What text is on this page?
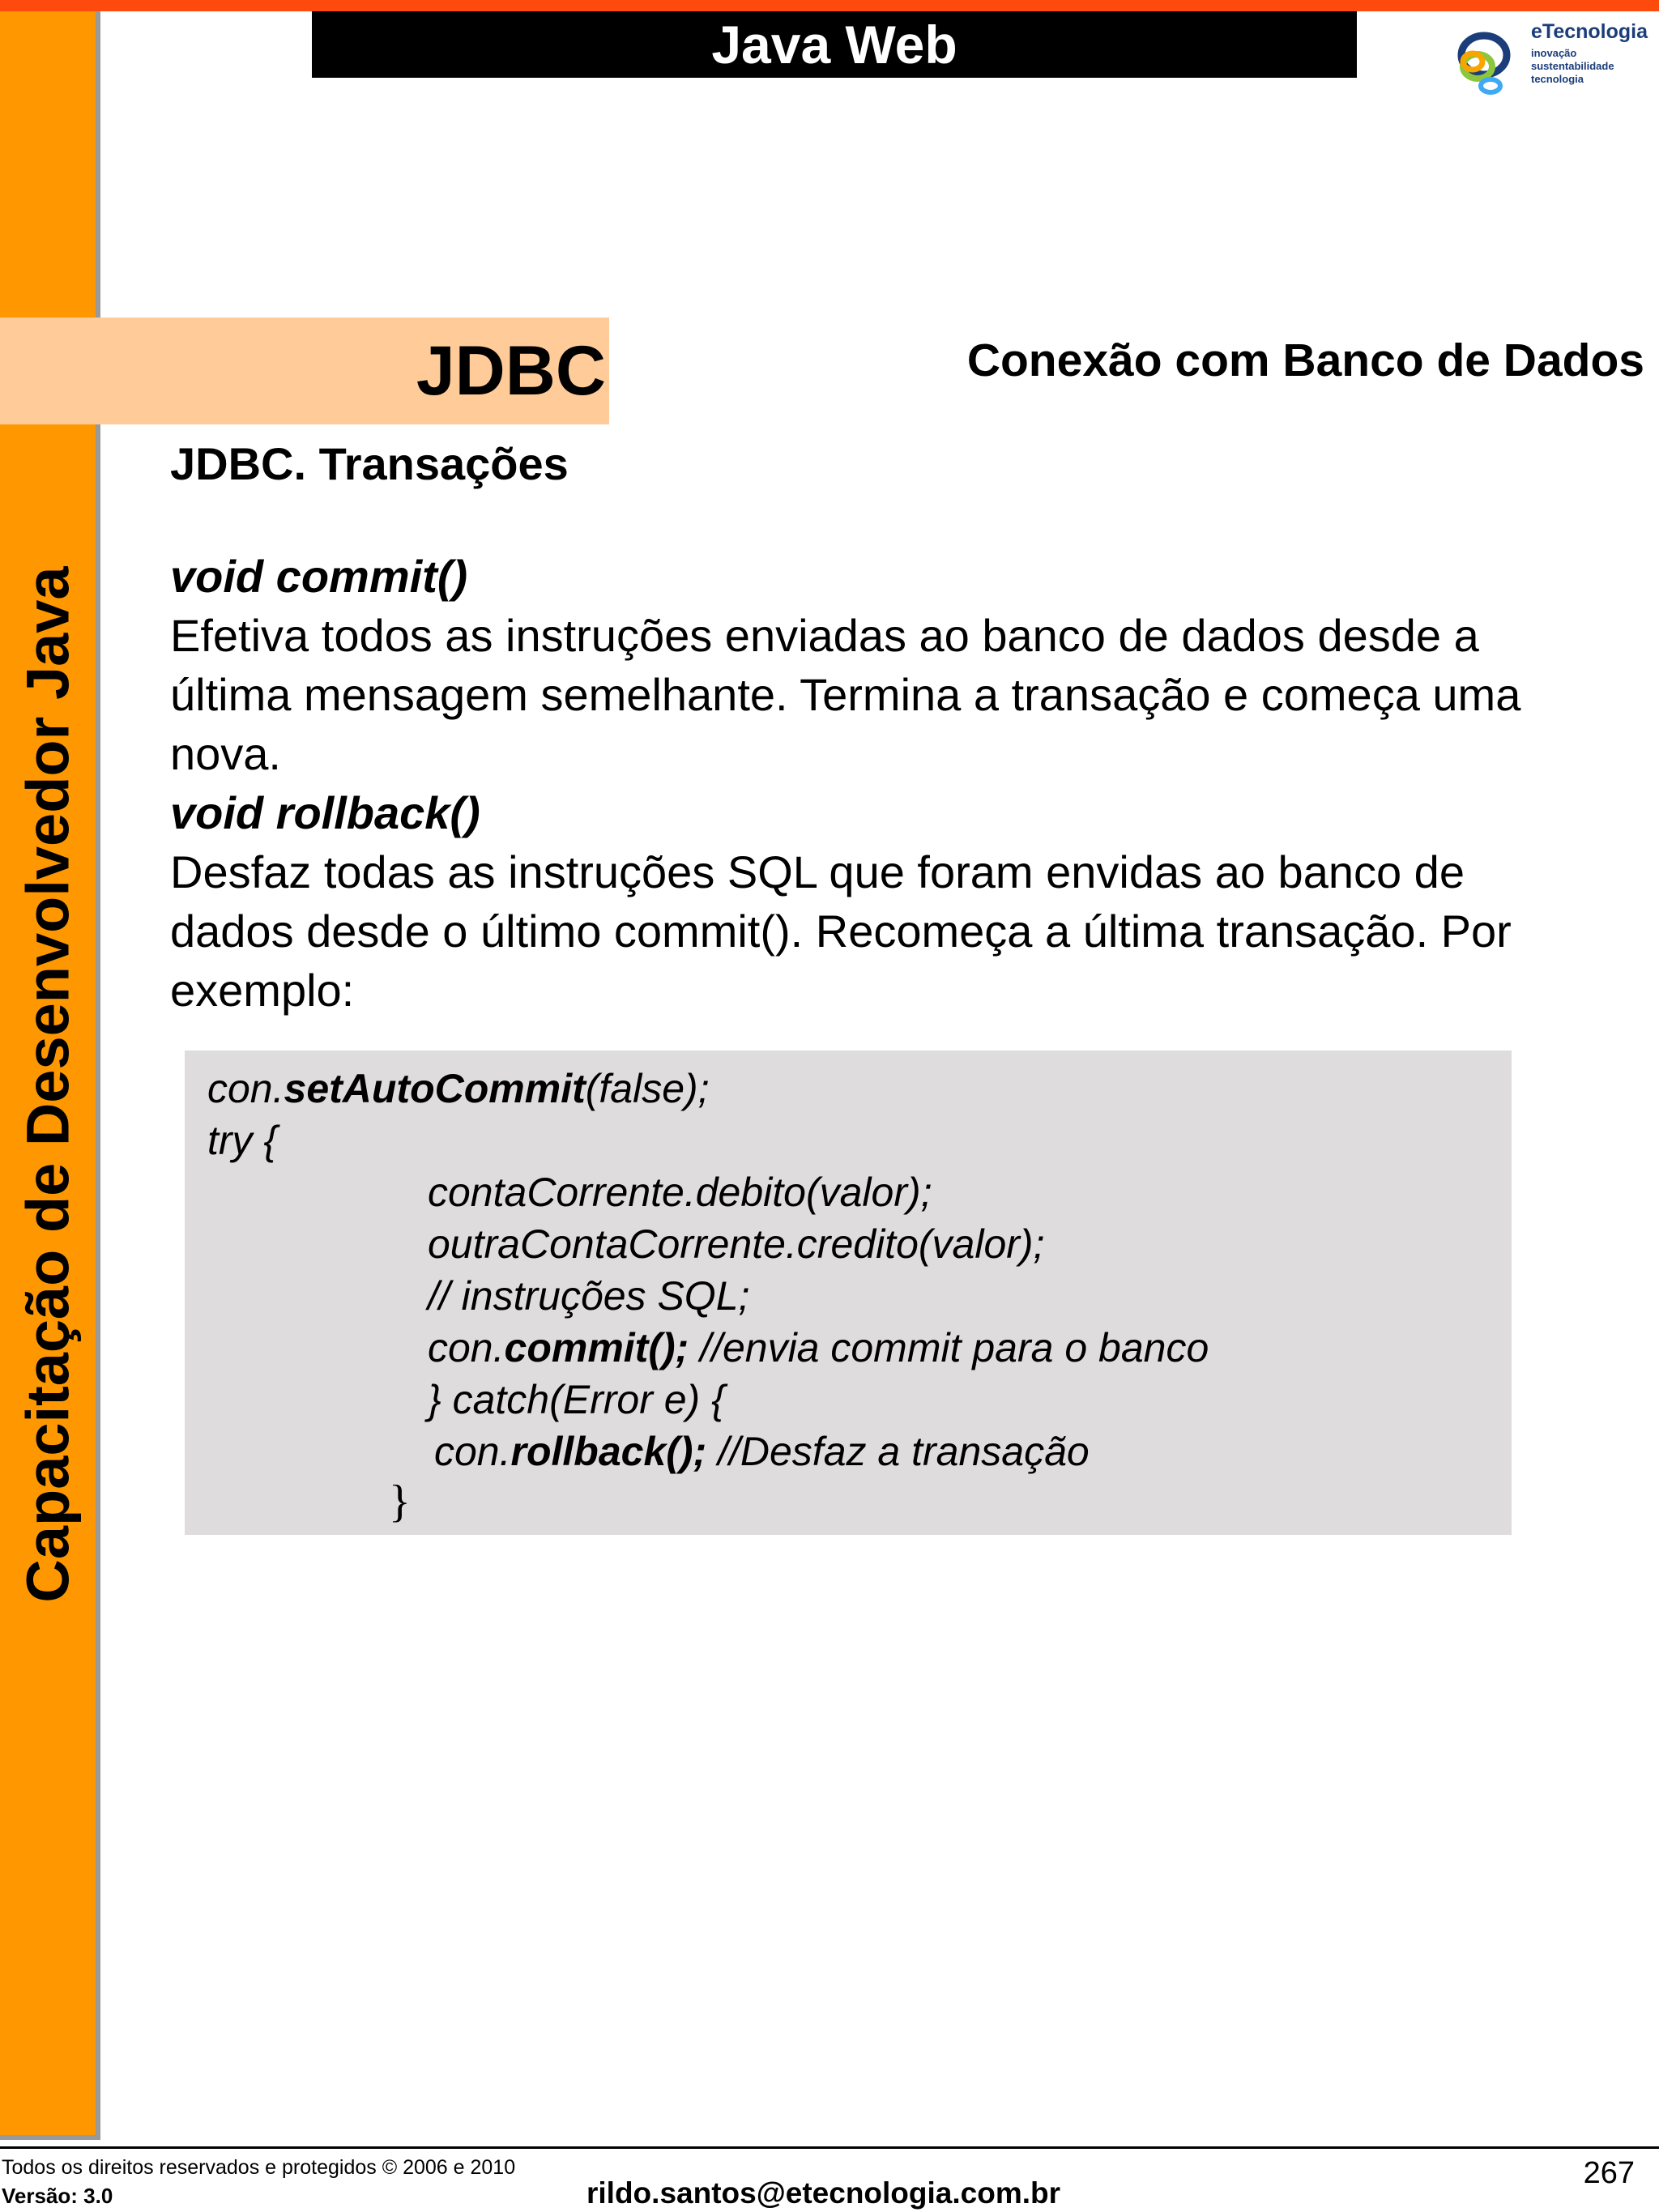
Capacitação de Desenvolvedor Java
Java Web	eTecnologia
inovação
sustentabilidade
tecnologia
JDBC	Conexão com Banco de Dados
JDBC. Transações

void commit()

Efetiva todos as instruções enviadas ao banco de dados desde a última mensagem semelhante. Termina a transação e começa uma nova.

void rollback()

Desfaz todas as instruções SQL que foram envidas ao banco de dados desde o último commit(). Recomeça a última transação. Por exemplo:

con.setAutoCommit(false);
try {
contaCorrente.debito(valor);
outraContaCorrente.credito(valor);
// instruções SQL;
con.commit(); //envia commit para o banco
} catch(Error e) {
con.rollback(); //Desfaz a transação
}
Todos os direitos reservados e protegidos © 2006 e 2010
Versão: 3.0	rildo.santos@etecnologia.com.br
267
